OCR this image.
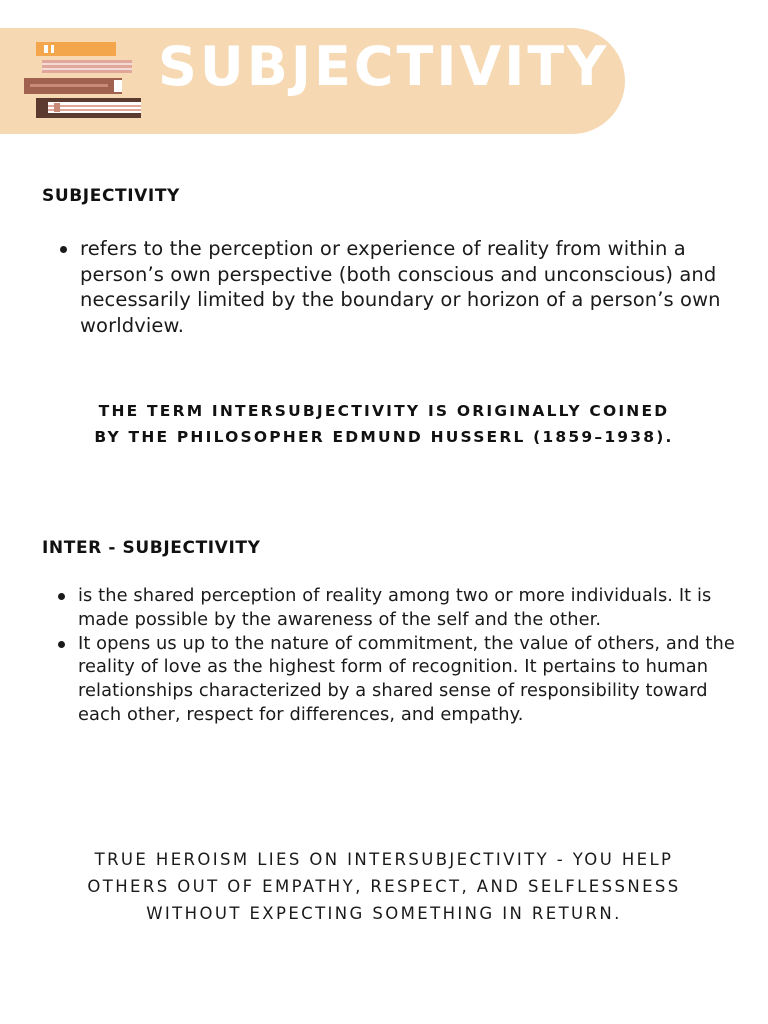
SUBJECTIVITY
SUBJECTIVITY
refers to the perception or experience of reality from within a person’s own perspective (both conscious and unconscious) and necessarily limited by the boundary or horizon of a person’s own worldview.
THE TERM INTERSUBJECTIVITY IS ORIGINALLY COINED BY THE PHILOSOPHER EDMUND HUSSERL (1859–1938).
INTER - SUBJECTIVITY
is the shared perception of reality among two or more individuals. It is made possible by the awareness of the self and the other.
It opens us up to the nature of commitment, the value of others, and the reality of love as the highest form of recognition. It pertains to human relationships characterized by a shared sense of responsibility toward each other, respect for differences, and empathy.
TRUE HEROISM LIES ON INTERSUBJECTIVITY - YOU HELP OTHERS OUT OF EMPATHY, RESPECT, AND SELFLESSNESS WITHOUT EXPECTING SOMETHING IN RETURN.
